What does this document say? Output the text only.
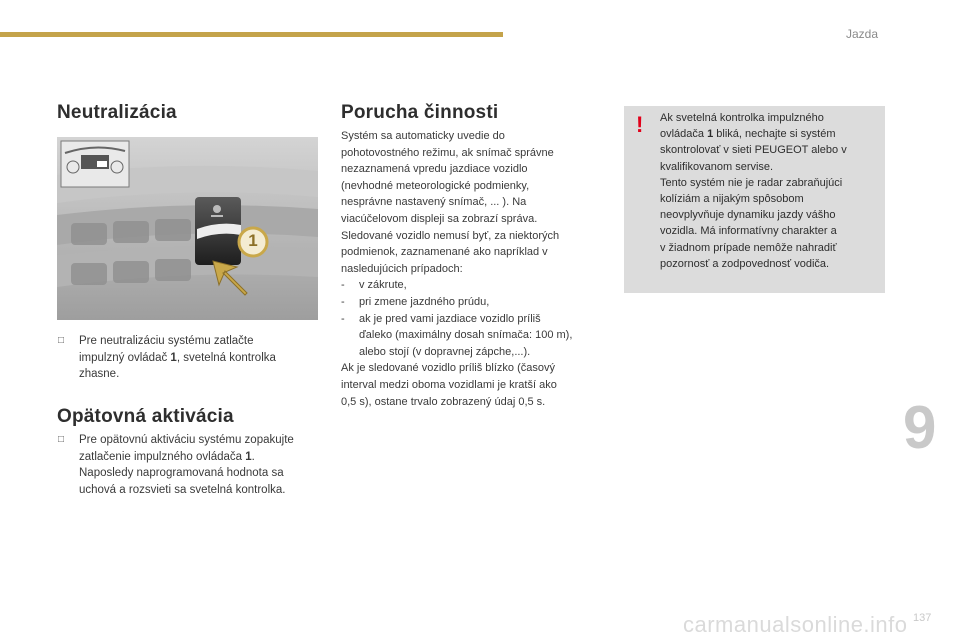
Jazda
Neutralizácia
1
□ Pre neutralizáciu systému zatlačte
impulzný ovládač 1, svetelná kontrolka
zhasne.
Opätovná aktivácia
□ Pre opätovnú aktiváciu systému zopakujte
zatlačenie impulzného ovládača 1.
Naposledy naprogramovaná hodnota sa
uchová a rozsvieti sa svetelná kontrolka.
Porucha činnosti
Systém sa automaticky uvedie do
pohotovostného režimu, ak snímač správne
nezaznamená vpredu jazdiace vozidlo
(nevhodné meteorologické podmienky,
nesprávne nastavený snímač, ... ). Na
viacúčelovom displeji sa zobrazí správa.
Sledované vozidlo nemusí byť, za niektorých
podmienok, zaznamenané ako napríklad v
nasledujúcich prípadoch:
- v zákrute,
- pri zmene jazdného prúdu,
- ak je pred vami jazdiace vozidlo príliš
ďaleko (maximálny dosah snímača: 100 m),
alebo stojí (v dopravnej zápche,...).
Ak je sledované vozidlo príliš blízko (časový
interval medzi oboma vozidlami je kratší ako
0,5 s), ostane trvalo zobrazený údaj 0,5 s.
! Ak svetelná kontrolka impulzného
ovládača 1 bliká, nechajte si systém
skontrolovať v sieti PEUGEOT alebo v
kvalifikovanom servise.
Tento systém nie je radar zabraňujúci
kolíziám a nijakým spôsobom
neovplyvňuje dynamiku jazdy vášho
vozidla. Má informatívny charakter a
v žiadnom prípade nemôže nahradiť
pozornosť a zodpovednosť vodiča.
9
carmanualsonline.info 137
